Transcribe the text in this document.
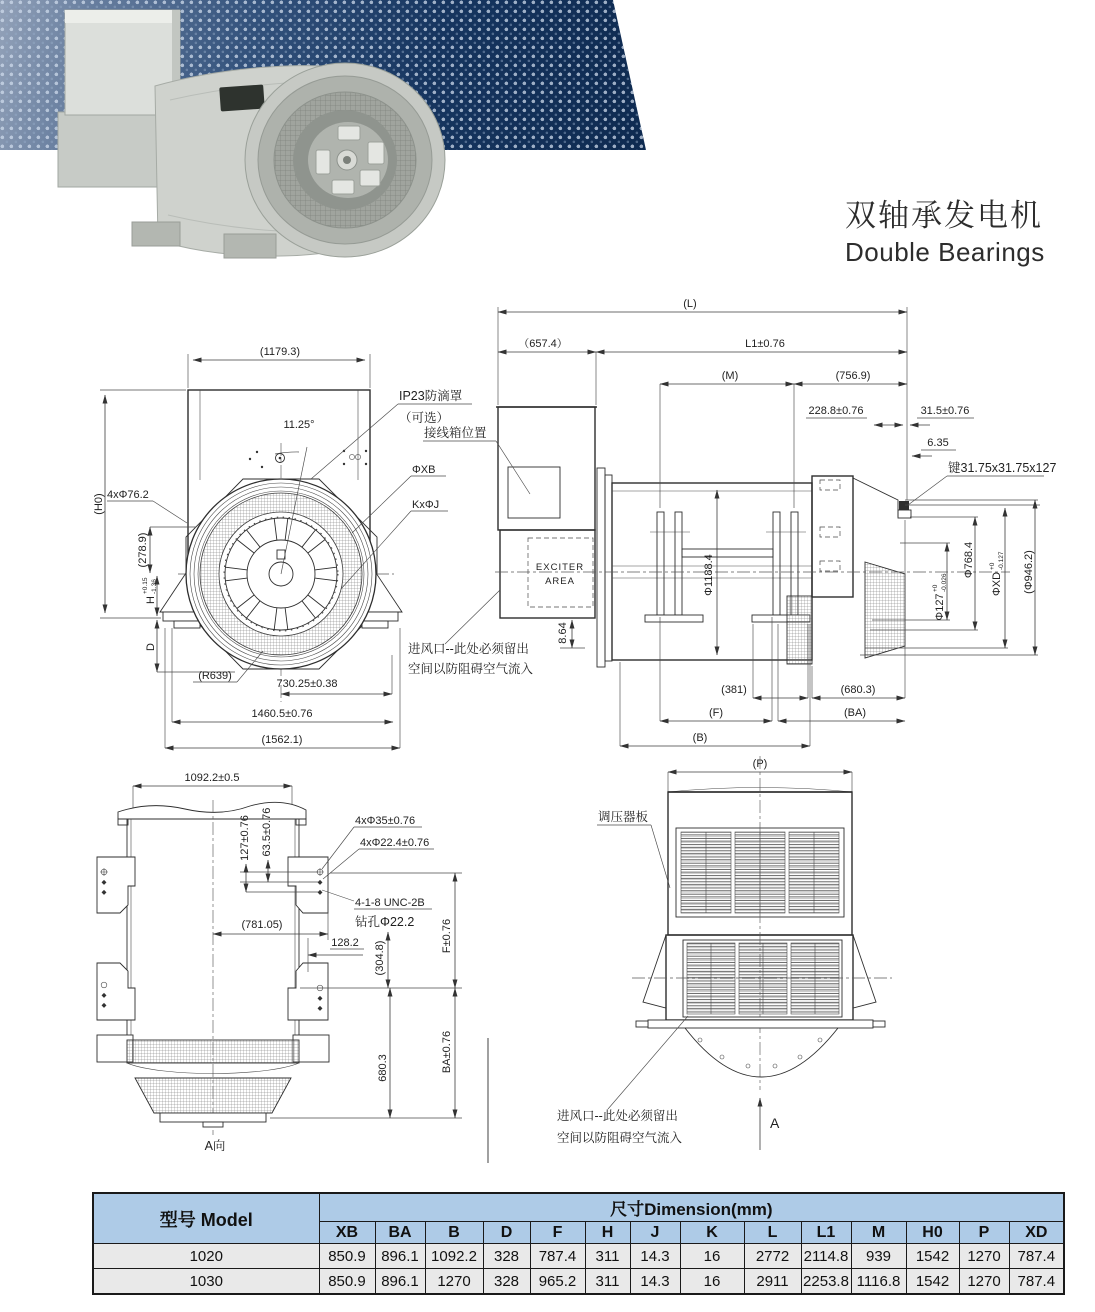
双轴承发电机
Double Bearings
11.25°
(1179.3)
(H0) 4xΦ76.2
(278.9)
H
+0.15 -1.36
D
(R639)
730.25±0.38
1460.5±0.76
(1562.1)
IP23防滴罩
（可选）
ΦXB
KxΦJ
EXCITER
AREA
(L)
（657.4）	L1±0.76
(M)	(756.9)
228.8±0.76	31.5±0.76
6.35
键31.75x31.75x127
接线箱位置
进风口--此处必须留出
空间以防阻碍空气流入
Φ1188.4
8.64
Φ127
+0 -0.026
Φ768.4
ΦXD
+0 -0.127 (Φ946.2)
(381)	(680.3)
(F)	(BA)
(B)
1092.2±0.5
127±0.76 63.5±0.76	4xΦ35±0.76
4xΦ22.4±0.76
4-1-8 UNC-2B
钻孔Φ22.2
(781.05)
128.2 (304.8)
F±0.76
680.3	BA±0.76
A向
(P)
调压器板
进风口--此处必须留出
空间以防阻碍空气流入
A
型号 Model	尺寸Dimension(mm)													
	XB	BA	B	D	F	H	J	K	L	L1	M	H0	P	XD
1020	850.9	896.1	1092.2	328	787.4	311	14.3	16	2772	2114.8	939	1542	1270	787.4
1030	850.9	896.1	1270	328	965.2	311	14.3	16	2911	2253.8	1116.8	1542	1270	787.4
